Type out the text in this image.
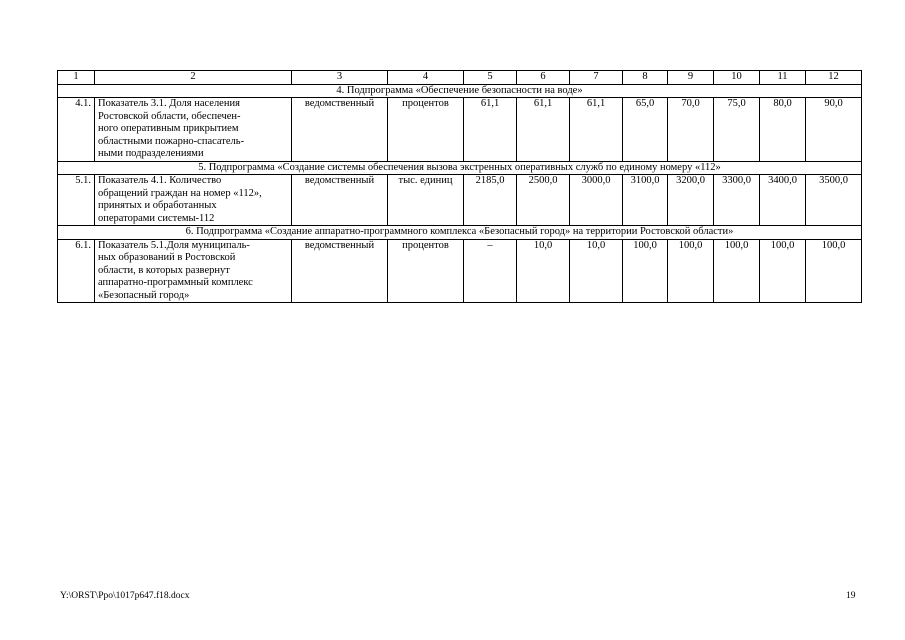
1	2	3	4	5	6	7	8	9	10	11	12
4. Подпрограмма «Обеспечение безопасности на воде»											
4.1.	Показатель 3.1. Доля населения
Ростовской области, обеспечен-
ного оперативным прикрытием
областными пожарно-спасатель-
ными подразделениями	ведомственный	процентов	61,1	61,1	61,1	65,0	70,0	75,0	80,0	90,0
5. Подпрограмма «Создание системы обеспечения вызова экстренных оперативных служб по единому номеру «112»											
5.1.	Показатель 4.1. Количество
обращений граждан на номер «112»,
принятых и обработанных
операторами системы-112	ведомственный	тыс. единиц	2185,0	2500,0	3000,0	3100,0	3200,0	3300,0	3400,0	3500,0
6. Подпрограмма «Создание аппаратно-программного комплекса «Безопасный город» на территории Ростовской области»											
6.1.	Показатель 5.1.Доля муниципаль-
ных образований в Ростовской
области, в которых развернут
аппаратно-программный комплекс
«Безопасный город»	ведомственный	процентов	–	10,0	10,0	100,0	100,0	100,0	100,0	100,0
Y:\ORST\Ppo\1017p647.f18.docx	19
